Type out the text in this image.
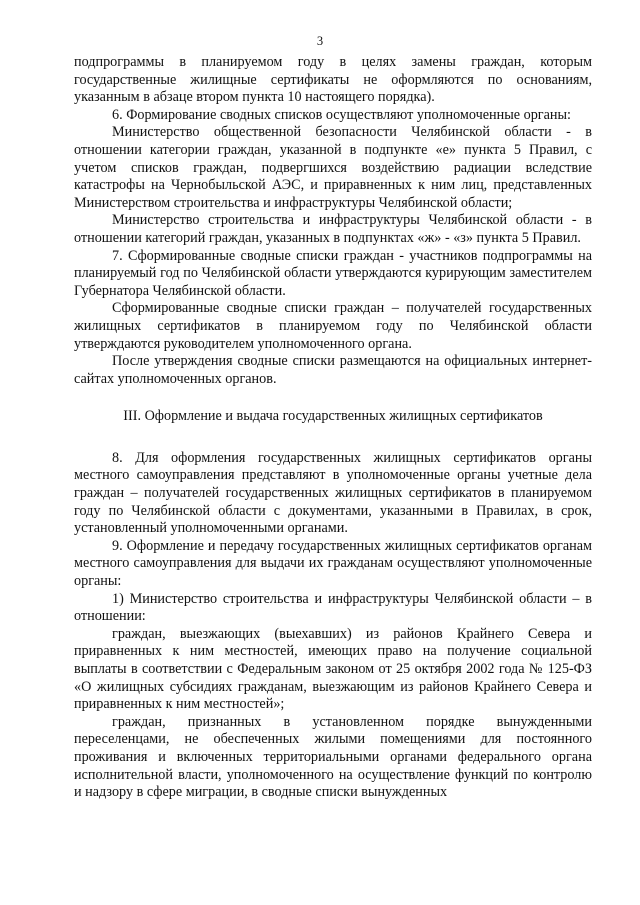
3

подпрограммы в планируемом году в целях замены граждан, которым государственные жилищные сертификаты не оформляются по основаниям, указанным в абзаце втором пункта 10 настоящего порядка).

6. Формирование сводных списков осуществляют уполномоченные органы:

Министерство общественной безопасности Челябинской области - в отношении категории граждан, указанной в подпункте «е» пункта 5 Правил, с учетом списков граждан, подвергшихся воздействию радиации вследствие катастрофы на Чернобыльской АЭС, и приравненных к ним лиц, представленных Министерством строительства и инфраструктуры Челябинской области;

Министерство строительства и инфраструктуры Челябинской области - в отношении категорий граждан, указанных в подпунктах «ж» - «з» пункта 5 Правил.

7. Сформированные сводные списки граждан - участников подпрограммы на планируемый год по Челябинской области утверждаются курирующим заместителем Губернатора Челябинской области.

Сформированные сводные списки граждан – получателей государственных жилищных сертификатов в планируемом году по Челябинской области утверждаются руководителем уполномоченного органа.

После утверждения сводные списки размещаются на официальных интернет-сайтах уполномоченных органов.

III. Оформление и выдача государственных жилищных сертификатов

8. Для оформления государственных жилищных сертификатов органы местного самоуправления представляют в уполномоченные органы учетные дела граждан – получателей государственных жилищных сертификатов в планируемом году по Челябинской области с документами, указанными в Правилах, в срок, установленный уполномоченными органами.

9. Оформление и передачу государственных жилищных сертификатов органам местного самоуправления для выдачи их гражданам осуществляют уполномоченные органы:

1) Министерство строительства и инфраструктуры Челябинской области – в отношении:

граждан, выезжающих (выехавших) из районов Крайнего Севера и приравненных к ним местностей, имеющих право на получение социальной выплаты в соответствии с Федеральным законом от 25 октября 2002 года № 125-ФЗ «О жилищных субсидиях гражданам, выезжающим из районов Крайнего Севера и приравненных к ним местностей»;

граждан, признанных в установленном порядке вынужденными переселенцами, не обеспеченных жилыми помещениями для постоянного проживания и включенных территориальными органами федерального органа исполнительной власти, уполномоченного на осуществление функций по контролю и надзору в сфере миграции, в сводные списки вынужденных
